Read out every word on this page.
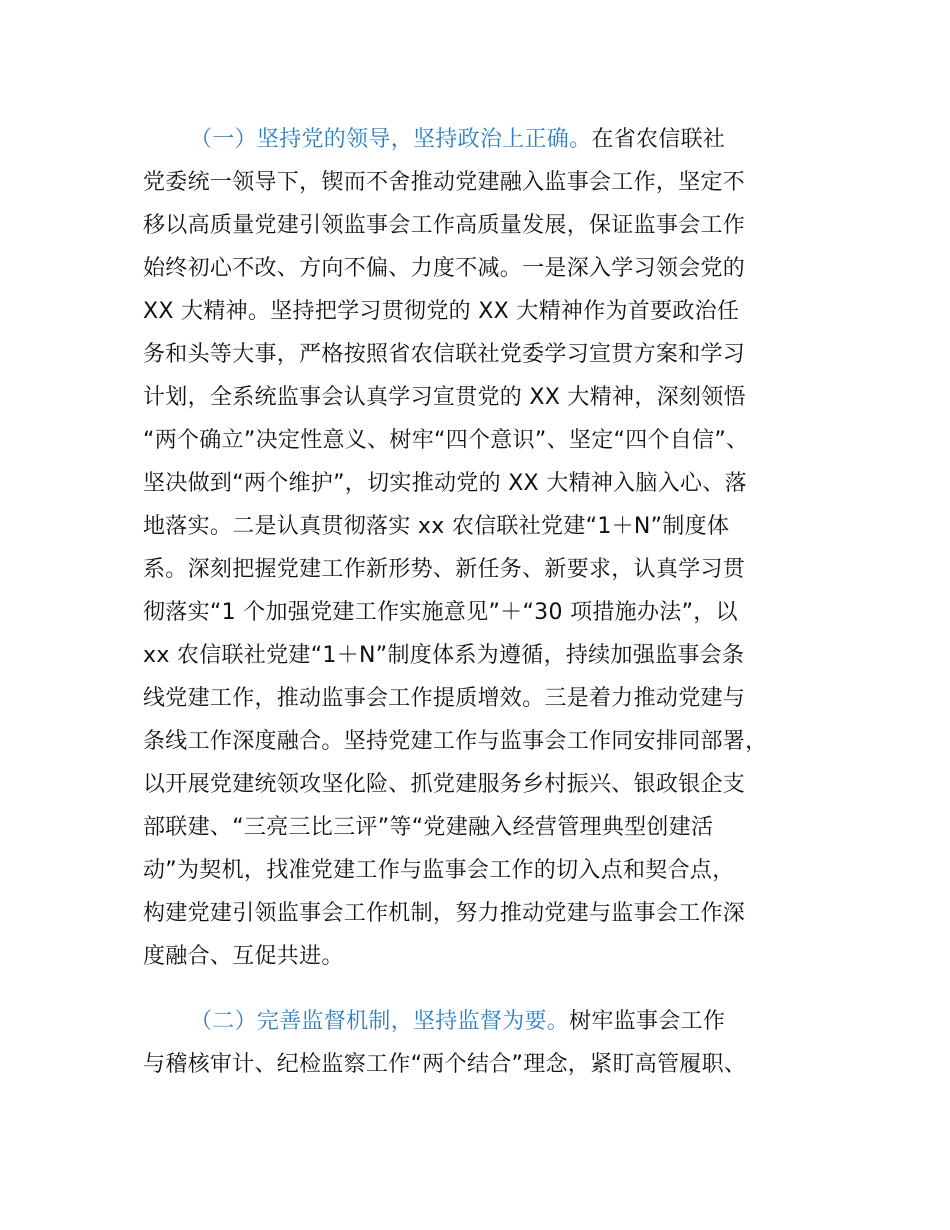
（一）坚持党的领导，坚持政治上正确。在省农信联社
党委统一领导下，锲而不舍推动党建融入监事会工作，坚定不
移以高质量党建引领监事会工作高质量发展，保证监事会工作
始终初心不改、方向不偏、力度不减。一是深入学习领会党的
XX 大精神。坚持把学习贯彻党的 XX 大精神作为首要政治任
务和头等大事，严格按照省农信联社党委学习宣贯方案和学习
计划，全系统监事会认真学习宣贯党的 XX 大精神，深刻领悟
“两个确立”决定性意义、树牢“四个意识”、坚定“四个自信”、
坚决做到“两个维护”，切实推动党的 XX 大精神入脑入心、落
地落实。二是认真贯彻落实 xx 农信联社党建“1＋N”制度体
系。深刻把握党建工作新形势、新任务、新要求，认真学习贯
彻落实“1 个加强党建工作实施意见”＋“30 项措施办法”，以
xx 农信联社党建“1＋N”制度体系为遵循，持续加强监事会条
线党建工作，推动监事会工作提质增效。三是着力推动党建与
条线工作深度融合。坚持党建工作与监事会工作同安排同部署，
以开展党建统领攻坚化险、抓党建服务乡村振兴、银政银企支
部联建、“三亮三比三评”等“党建融入经营管理典型创建活
动”为契机，找准党建工作与监事会工作的切入点和契合点，
构建党建引领监事会工作机制，努力推动党建与监事会工作深
度融合、互促共进。
（二）完善监督机制，坚持监督为要。树牢监事会工作
与稽核审计、纪检监察工作“两个结合”理念，紧盯高管履职、
